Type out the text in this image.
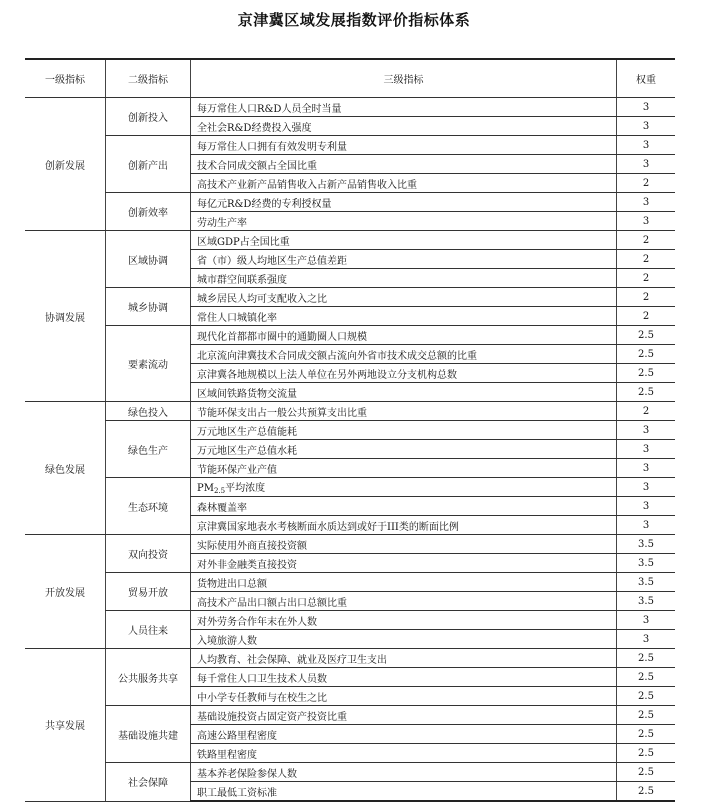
京津冀区域发展指数评价指标体系
一级指标	二级指标	三级指标	权重
创新发展	创新投入	每万常住人口R&D人员全时当量	3
		全社会R&D经费投入强度	3
	创新产出	每万常住人口拥有有效发明专利量	3
		技术合同成交额占全国比重	3
		高技术产业新产品销售收入占新产品销售收入比重	2
	创新效率	每亿元R&D经费的专利授权量	3
		劳动生产率	3
协调发展	区域协调	区域GDP占全国比重	2
		省（市）级人均地区生产总值差距	2
		城市群空间联系强度	2
	城乡协调	城乡居民人均可支配收入之比	2
		常住人口城镇化率	2
	要素流动	现代化首都都市圈中的通勤圈人口规模	2.5
		北京流向津冀技术合同成交额占流向外省市技术成交总额的比重	2.5
		京津冀各地规模以上法人单位在另外两地设立分支机构总数	2.5
		区域间铁路货物交流量	2.5
绿色发展	绿色投入	节能环保支出占一般公共预算支出比重	2
	绿色生产	万元地区生产总值能耗	3
		万元地区生产总值水耗	3
		节能环保产业产值	3
	生态环境	$PM_{2.5}$平均浓度	3
		森林覆盖率	3
		京津冀国家地表水考核断面水质达到或好于III类的断面比例	3
开放发展	双向投资	实际使用外商直接投资额	3.5
		对外非金融类直接投资	3.5
	贸易开放	货物进出口总额	3.5
		高技术产品出口额占出口总额比重	3.5
	人员往来	对外劳务合作年末在外人数	3
		入境旅游人数	3
共享发展	公共服务共享	人均教育、社会保障、就业及医疗卫生支出	2.5
		每千常住人口卫生技术人员数	2.5
		中小学专任教师与在校生之比	2.5
	基础设施共建	基础设施投资占固定资产投资比重	2.5
		高速公路里程密度	2.5
		铁路里程密度	2.5
	社会保障	基本养老保险参保人数	2.5
		职工最低工资标准	2.5
